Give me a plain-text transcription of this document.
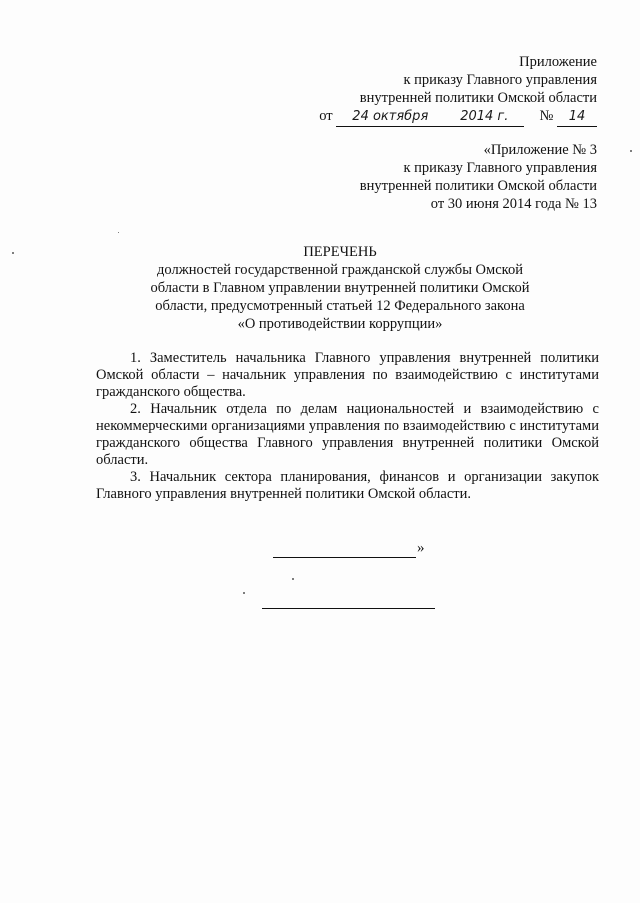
Приложение
к приказу Главного управления
внутренней политики Омской области
от 24 октября 2014 г. № 14
«Приложение № 3
к приказу Главного управления
внутренней политики Омской области
от 30 июня 2014 года № 13
ПЕРЕЧЕНЬ
должностей государственной гражданской службы Омской
области в Главном управлении внутренней политики Омской
области, предусмотренный статьей 12 Федерального закона
«О противодействии коррупции»

1. Заместитель начальника Главного управления внутренней политики Омской области – начальник управления по взаимодействию с институтами гражданского общества.

2. Начальник отдела по делам национальностей и взаимодействию с некоммерческими организациями управления по взаимодействию с институтами гражданского общества Главного управления внутренней политики Омской области.

3. Начальник сектора планирования, финансов и организации закупок Главного управления внутренней политики Омской области.

»
